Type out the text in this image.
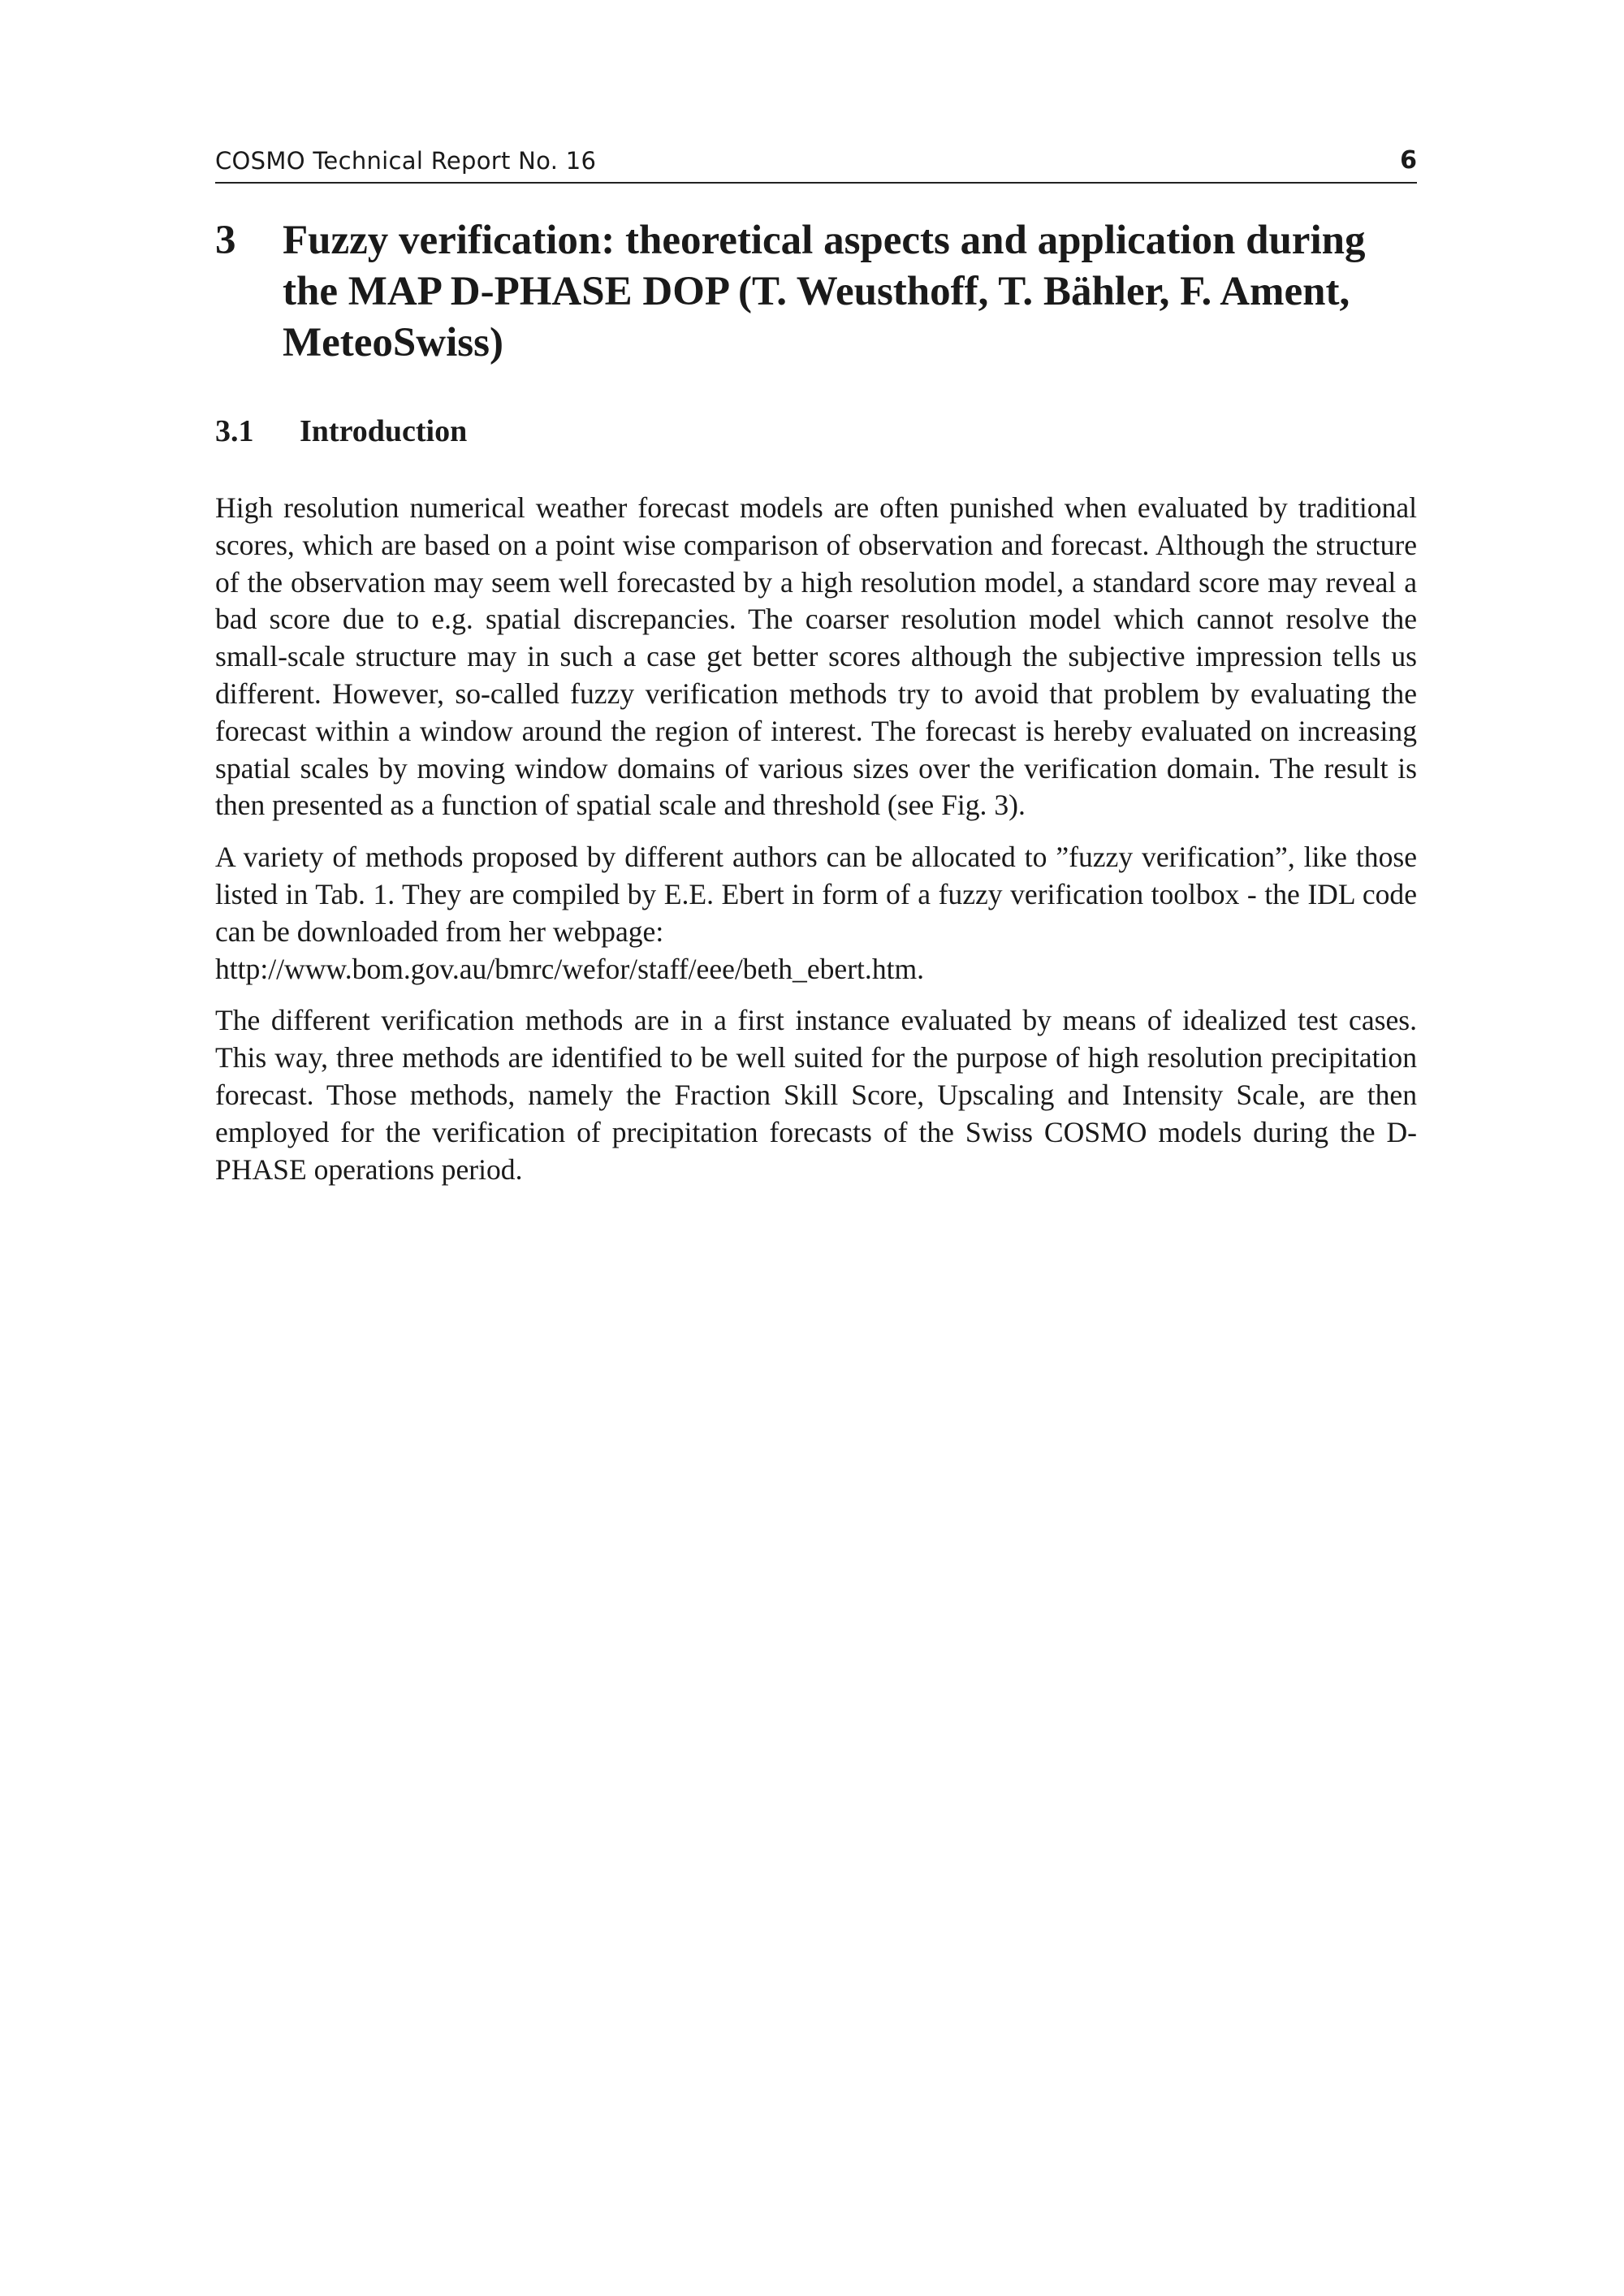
COSMO Technical Report No. 16	6
3 Fuzzy verification: theoretical aspects and application during the MAP D-PHASE DOP (T. Weusthoff, T. Bähler, F. Ament, MeteoSwiss)
3.1 Introduction

High resolution numerical weather forecast models are often punished when evaluated by traditional scores, which are based on a point wise comparison of observation and forecast. Although the structure of the observation may seem well forecasted by a high resolution model, a standard score may reveal a bad score due to e.g. spatial discrepancies. The coarser resolution model which cannot resolve the small-scale structure may in such a case get better scores although the subjective impression tells us different. However, so-called fuzzy verification methods try to avoid that problem by evaluating the forecast within a window around the region of interest. The forecast is hereby evaluated on increasing spatial scales by moving window domains of various sizes over the verification domain. The result is then presented as a function of spatial scale and threshold (see Fig. 3).

A variety of methods proposed by different authors can be allocated to ”fuzzy verification”, like those listed in Tab. 1. They are compiled by E.E. Ebert in form of a fuzzy verification toolbox - the IDL code can be downloaded from her webpage:
http://www.bom.gov.au/bmrc/wefor/staff/eee/beth_ebert.htm.

The different verification methods are in a first instance evaluated by means of idealized test cases. This way, three methods are identified to be well suited for the purpose of high resolution precipitation forecast. Those methods, namely the Fraction Skill Score, Upscaling and Intensity Scale, are then employed for the verification of precipitation forecasts of the Swiss COSMO models during the D-PHASE operations period.
